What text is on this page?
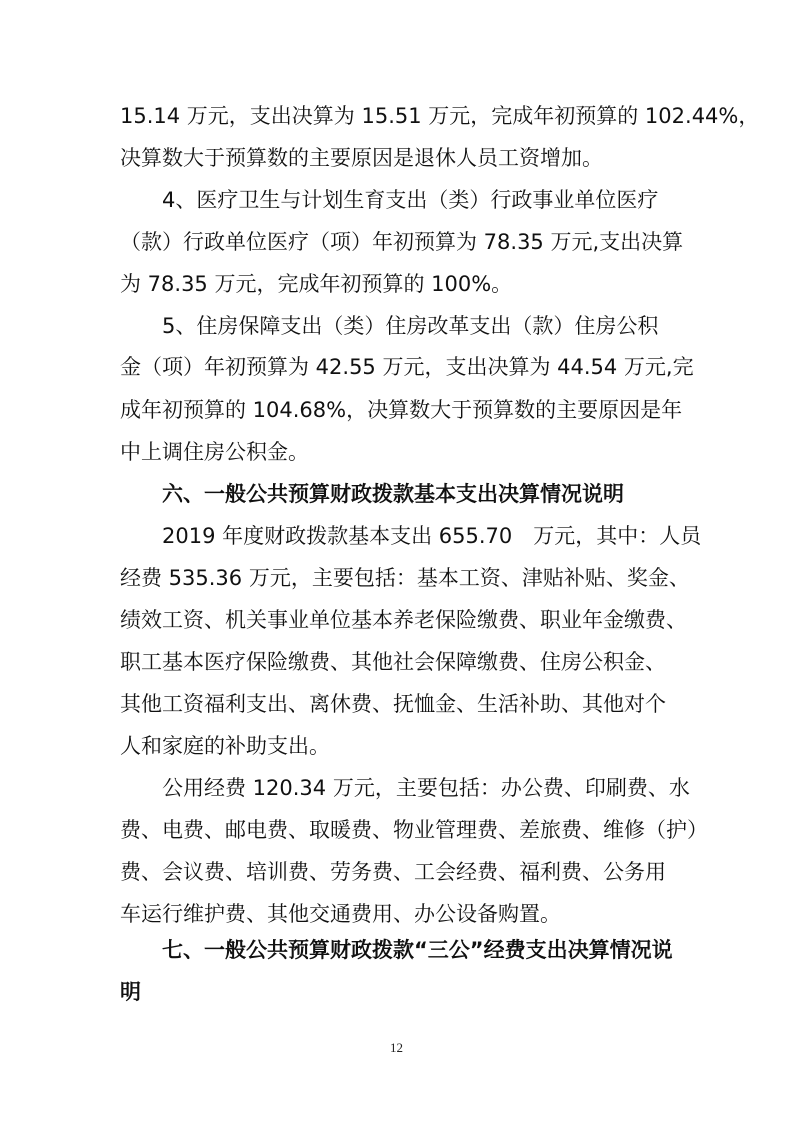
15.14 万元，支出决算为 15.51 万元，完成年初预算的 102.44%，
决算数大于预算数的主要原因是退休人员工资增加。
4、医疗卫生与计划生育支出（类）行政事业单位医疗
（款）行政单位医疗（项）年初预算为 78.35 万元,支出决算
为 78.35 万元，完成年初预算的 100%。
5、住房保障支出（类）住房改革支出（款）住房公积
金（项）年初预算为 42.55 万元，支出决算为 44.54 万元,完
成年初预算的 104.68%，决算数大于预算数的主要原因是年
中上调住房公积金。
六、一般公共预算财政拨款基本支出决算情况说明
2019 年度财政拨款基本支出 655.70　万元，其中：人员
经费 535.36 万元，主要包括：基本工资、津贴补贴、奖金、
绩效工资、机关事业单位基本养老保险缴费、职业年金缴费、
职工基本医疗保险缴费、其他社会保障缴费、住房公积金、
其他工资福利支出、离休费、抚恤金、生活补助、其他对个
人和家庭的补助支出。
公用经费 120.34 万元，主要包括：办公费、印刷费、水
费、电费、邮电费、取暖费、物业管理费、差旅费、维修（护）
费、会议费、培训费、劳务费、工会经费、福利费、公务用
车运行维护费、其他交通费用、办公设备购置。
七、一般公共预算财政拨款“三公”经费支出决算情况说
明
12
